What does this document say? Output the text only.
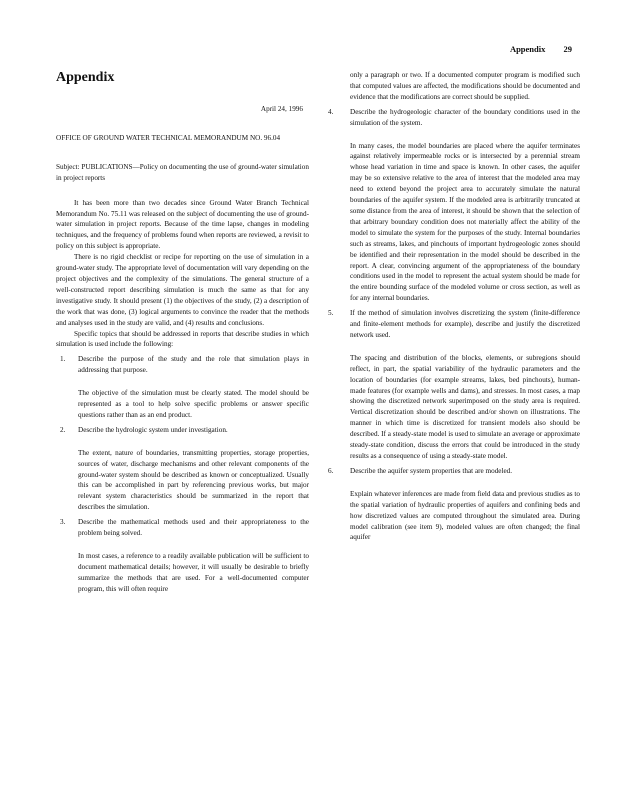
Appendix 29
Appendix

April 24, 1996

OFFICE OF GROUND WATER TECHNICAL MEMORANDUM NO. 96.04

Subject: PUBLICATIONS—Policy on documenting the use of ground-water simulation in project reports

It has been more than two decades since Ground Water Branch Technical Memorandum No. 75.11 was released on the subject of documenting the use of ground-water simulation in project reports. Because of the time lapse, changes in modeling techniques, and the frequency of problems found when reports are reviewed, a revisit to policy on this subject is appropriate.

There is no rigid checklist or recipe for reporting on the use of simulation in a ground-water study. The appropriate level of documentation will vary depending on the project objectives and the complexity of the simulations. The general structure of a well-constructed report describing simulation is much the same as that for any investigative study. It should present (1) the objectives of the study, (2) a description of the work that was done, (3) logical arguments to convince the reader that the methods and analyses used in the study are valid, and (4) results and conclusions.

Specific topics that should be addressed in reports that describe studies in which simulation is used include the following:

1.	Describe the purpose of the study and the role that simulation plays in addressing that purpose.

The objective of the simulation must be clearly stated. The model should be represented as a tool to help solve specific problems or answer specific questions rather than as an end product.

2.	Describe the hydrologic system under investigation.

The extent, nature of boundaries, transmitting properties, storage properties, sources of water, discharge mechanisms and other relevant components of the ground-water system should be described as known or conceptualized. Usually this can be accomplished in part by referencing previous works, but major relevant system characteristics should be summarized in the report that describes the simulation.

3.	Describe the mathematical methods used and their appropriateness to the problem being solved.

In most cases, a reference to a readily available publication will be sufficient to document mathematical details; however, it will usually be desirable to briefly summarize the methods that are used. For a well-documented computer program, this will often require

only a paragraph or two. If a documented computer program is modified such that computed values are affected, the modifications should be documented and evidence that the modifications are correct should be supplied.

4.	Describe the hydrogeologic character of the boundary conditions used in the simulation of the system.

In many cases, the model boundaries are placed where the aquifer terminates against relatively impermeable rocks or is intersected by a perennial stream whose head variation in time and space is known. In other cases, the aquifer may be so extensive relative to the area of interest that the modeled area may need to extend beyond the project area to accurately simulate the natural boundaries of the aquifer system. If the modeled area is arbitrarily truncated at some distance from the area of interest, it should be shown that the selection of that arbitrary boundary condition does not materially affect the ability of the model to simulate the system for the purposes of the study. Internal boundaries such as streams, lakes, and pinchouts of important hydrogeologic zones should be identified and their representation in the model should be described in the report. A clear, convincing argument of the appropriateness of the boundary conditions used in the model to represent the actual system should be made for the entire bounding surface of the modeled volume or cross section, as well as for any internal boundaries.

5.	If the method of simulation involves discretizing the system (finite-difference and finite-element methods for example), describe and justify the discretized network used.

The spacing and distribution of the blocks, elements, or subregions should reflect, in part, the spatial variability of the hydraulic parameters and the location of boundaries (for example streams, lakes, bed pinchouts), human-made features (for example wells and dams), and stresses. In most cases, a map showing the discretized network superimposed on the study area is required. Vertical discretization should be described and/or shown on illustrations. The manner in which time is discretized for transient models also should be described. If a steady-state model is used to simulate an average or approximate steady-state condition, discuss the errors that could be introduced in the study results as a consequence of using a steady-state model.

6.	Describe the aquifer system properties that are modeled.

Explain whatever inferences are made from field data and previous studies as to the spatial variation of hydraulic properties of aquifers and confining beds and how discretized values are computed throughout the simulated area. During model calibration (see item 9), modeled values are often changed; the final aquifer
